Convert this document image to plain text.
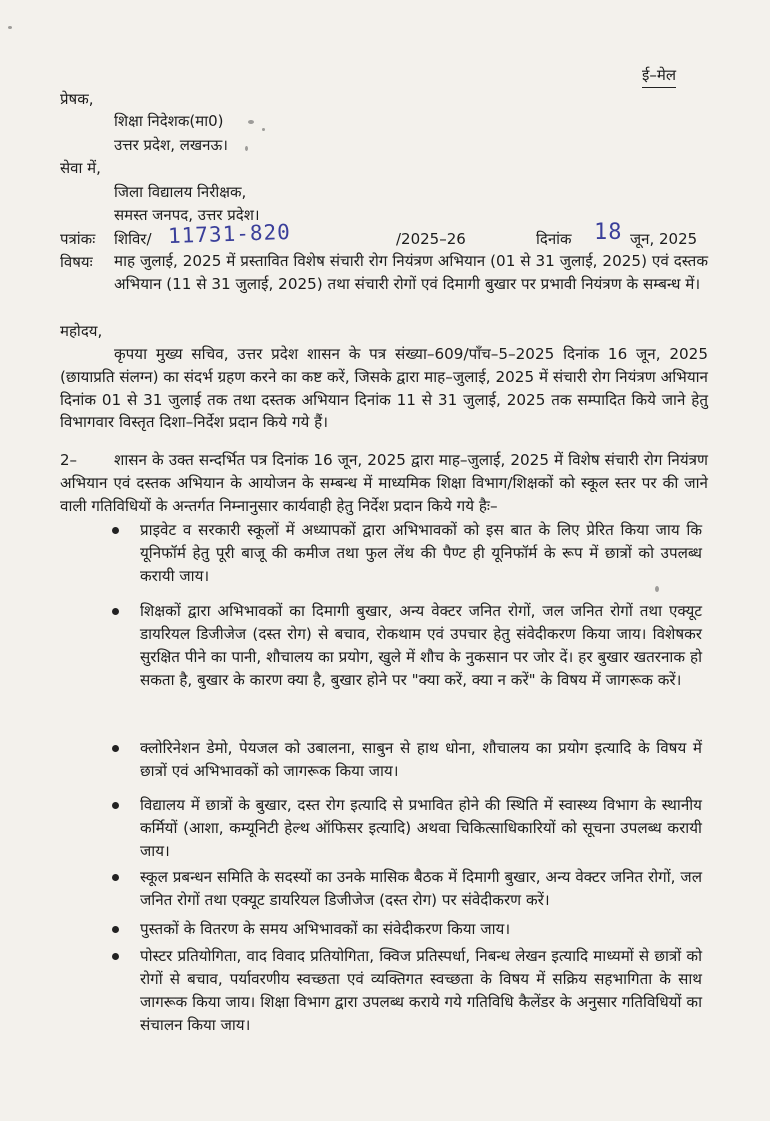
ई–मेल
प्रेषक,
शिक्षा निदेशक(मा0)
उत्तर प्रदेश, लखनऊ।
सेवा में,
जिला विद्यालय निरीक्षक,
समस्त जनपद, उत्तर प्रदेश।
पत्रांकः शिविर/ 11731-820	/2025–26	दिनांक 18 जून, 2025
विषयः माह जुलाई, 2025 में प्रस्तावित विशेष संचारी रोग नियंत्रण अभियान (01 से 31 जुलाई, 2025) एवं दस्तक अभियान (11 से 31 जुलाई, 2025) तथा संचारी रोगों एवं दिमागी बुखार पर प्रभावी नियंत्रण के सम्बन्ध में।
महोदय,
कृपया मुख्य सचिव, उत्तर प्रदेश शासन के पत्र संख्या–609/पाँच–5–2025 दिनांक 16 जून, 2025 (छायाप्रति संलग्न) का संदर्भ ग्रहण करने का कष्ट करें, जिसके द्वारा माह–जुलाई, 2025 में संचारी रोग नियंत्रण अभियान दिनांक 01 से 31 जुलाई तक तथा दस्तक अभियान दिनांक 11 से 31 जुलाई, 2025 तक सम्पादित किये जाने हेतु विभागवार विस्तृत दिशा–निर्देश प्रदान किये गये हैं।
2–	शासन के उक्त सन्दर्भित पत्र दिनांक 16 जून, 2025 द्वारा माह–जुलाई, 2025 में विशेष संचारी रोग नियंत्रण अभियान एवं दस्तक अभियान के आयोजन के सम्बन्ध में माध्यमिक शिक्षा विभाग/शिक्षकों को स्कूल स्तर पर की जाने वाली गतिविधियों के अन्तर्गत निम्नानुसार कार्यवाही हेतु निर्देश प्रदान किये गये हैः–
प्राइवेट व सरकारी स्कूलों में अध्यापकों द्वारा अभिभावकों को इस बात के लिए प्रेरित किया जाय कि यूनिफॉर्म हेतु पूरी बाजू की कमीज तथा फुल लेंथ की पैण्ट ही यूनिफॉर्म के रूप में छात्रों को उपलब्ध करायी जाय।
शिक्षकों द्वारा अभिभावकों का दिमागी बुखार, अन्य वेक्टर जनित रोगों, जल जनित रोगों तथा एक्यूट डायरियल डिजीजेज (दस्त रोग) से बचाव, रोकथाम एवं उपचार हेतु संवेदीकरण किया जाय। विशेषकर सुरक्षित पीने का पानी, शौचालय का प्रयोग, खुले में शौच के नुकसान पर जोर दें। हर बुखार खतरनाक हो सकता है, बुखार के कारण क्या है, बुखार होने पर "क्या करें, क्या न करें" के विषय में जागरूक करें।
क्लोरिनेशन डेमो, पेयजल को उबालना, साबुन से हाथ धोना, शौचालय का प्रयोग इत्यादि के विषय में छात्रों एवं अभिभावकों को जागरूक किया जाय।
विद्यालय में छात्रों के बुखार, दस्त रोग इत्यादि से प्रभावित होने की स्थिति में स्वास्थ्य विभाग के स्थानीय कर्मियों (आशा, कम्यूनिटी हेल्थ ऑफिसर इत्यादि) अथवा चिकित्साधिकारियों को सूचना उपलब्ध करायी जाय।
स्कूल प्रबन्धन समिति के सदस्यों का उनके मासिक बैठक में दिमागी बुखार, अन्य वेक्टर जनित रोगों, जल जनित रोगों तथा एक्यूट डायरियल डिजीजेज (दस्त रोग) पर संवेदीकरण करें।
पुस्तकों के वितरण के समय अभिभावकों का संवेदीकरण किया जाय।
पोस्टर प्रतियोगिता, वाद विवाद प्रतियोगिता, क्विज प्रतिस्पर्धा, निबन्ध लेखन इत्यादि माध्यमों से छात्रों को रोगों से बचाव, पर्यावरणीय स्वच्छता एवं व्यक्तिगत स्वच्छता के विषय में सक्रिय सहभागिता के साथ जागरूक किया जाय। शिक्षा विभाग द्वारा उपलब्ध कराये गये गतिविधि कैलेंडर के अनुसार गतिविधियों का संचालन किया जाय।
